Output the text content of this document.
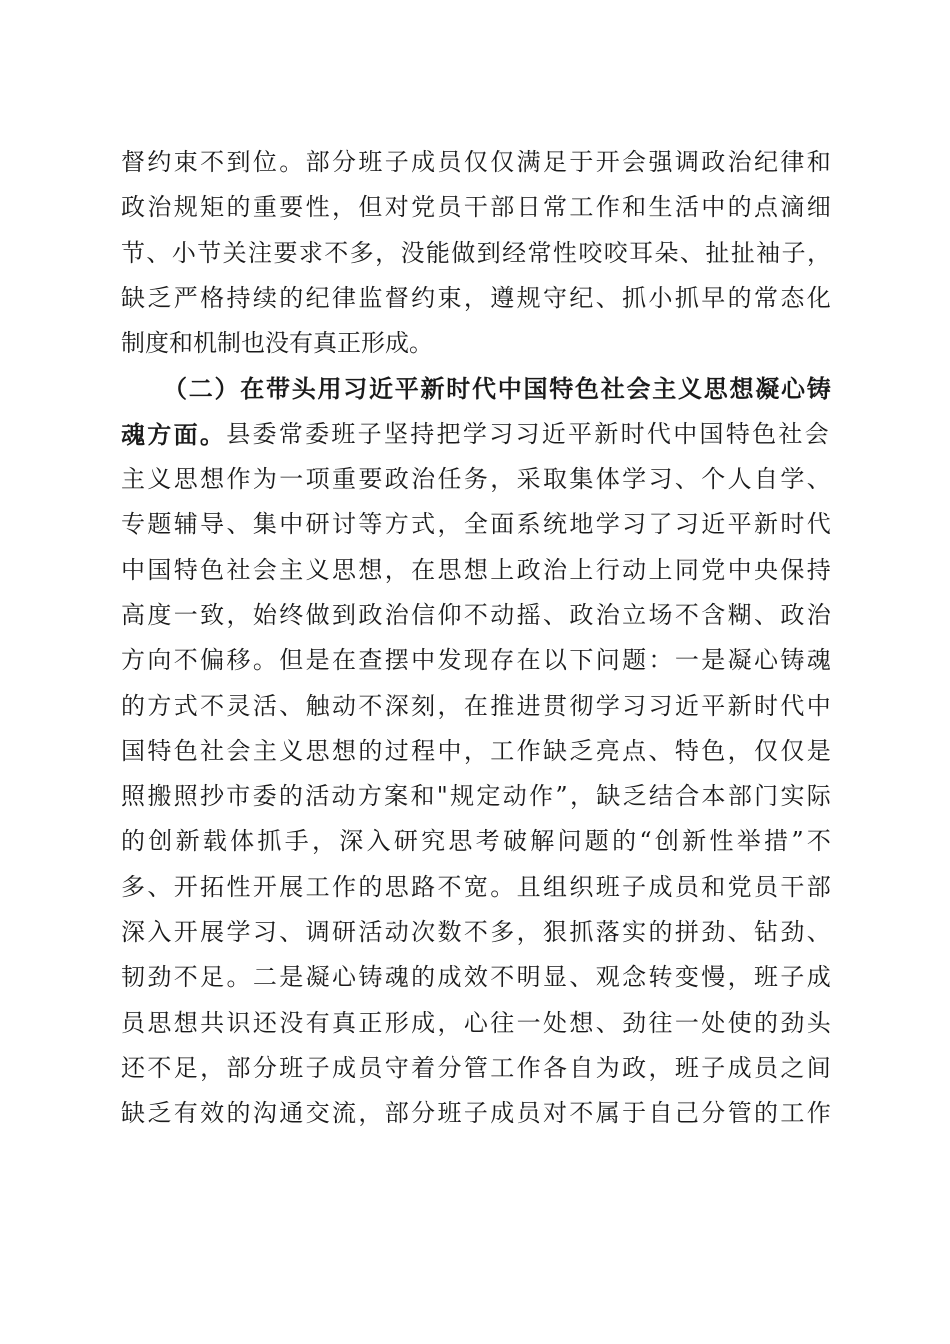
督 约 束 不 到 位 。 部 分 班 子 成 员 仅 仅 满 足 于 开 会 强 调 政 治 纪 律 和
政 治 规 矩 的 重 要 性 ， 但 对 党 员 干 部 日 常 工 作 和 生 活 中 的 点 滴 细
节 、 小 节 关 注 要 求 不 多 ， 没 能 做 到 经 常 性 咬 咬 耳 朵 、 扯 扯 袖 子 ，
缺 乏 严 格 持 续 的 纪 律 监 督 约 束 ， 遵 规 守 纪 、 抓 小 抓 早 的 常 态 化
制度和机制也没有真正形成。
（ 二 ） 在 带 头 用 习 近 平 新 时 代 中 国 特 色 社 会 主 义 思 想 凝 心 铸
魂方面。 县委常委班子坚持把学习习近平新时代中国特色社会
主 义 思 想 作 为 一 项 重 要 政 治 任 务 ， 采 取 集 体 学 习 、 个 人 自 学 、
专 题 辅 导 、 集 中 研 讨 等 方 式 ， 全 面 系 统 地 学 习 了 习 近 平 新 时 代
中 国 特 色 社 会 主 义 思 想 ， 在 思 想 上 政 治 上 行 动 上 同 党 中 央 保 持
高 度 一 致 ， 始 终 做 到 政 治 信 仰 不 动 摇 、 政 治 立 场 不 含 糊 、 政 治
方 向 不 偏 移 。 但 是 在 查 摆 中 发 现 存 在 以 下 问 题 ： 一 是 凝 心 铸 魂
的 方 式 不 灵 活 、 触 动 不 深 刻 ， 在 推 进 贯 彻 学 习 习 近 平 新 时 代 中
国 特 色 社 会 主 义 思 想 的 过 程 中 ， 工 作 缺 乏 亮 点 、 特 色 ， 仅 仅 是
照 搬 照 抄 市 委 的 活 动 方 案 和 " 规 定 动 作 ” ， 缺 乏 结 合 本 部 门 实 际
的 创 新 载 体 抓 手 ， 深 入 研 究 思 考 破 解 问 题 的 “ 创 新 性 举 措 ” 不
多 、 开 拓 性 开 展 工 作 的 思 路 不 宽 。 且 组 织 班 子 成 员 和 党 员 干 部
深 入 开 展 学 习 、 调 研 活 动 次 数 不 多 ， 狠 抓 落 实 的 拼 劲 、 钻 劲 、
韧 劲 不 足 。 二 是 凝 心 铸 魂 的 成 效 不 明 显 、 观 念 转 变 慢 ， 班 子 成
员 思 想 共 识 还 没 有 真 正 形 成 ， 心 往 一 处 想 、 劲 往 一 处 使 的 劲 头
还 不 足 ， 部 分 班 子 成 员 守 着 分 管 工 作 各 自 为 政 ， 班 子 成 员 之 间
缺 乏 有 效 的 沟 通 交 流 ， 部 分 班 子 成 员 对 不 属 于 自 己 分 管 的 工 作
